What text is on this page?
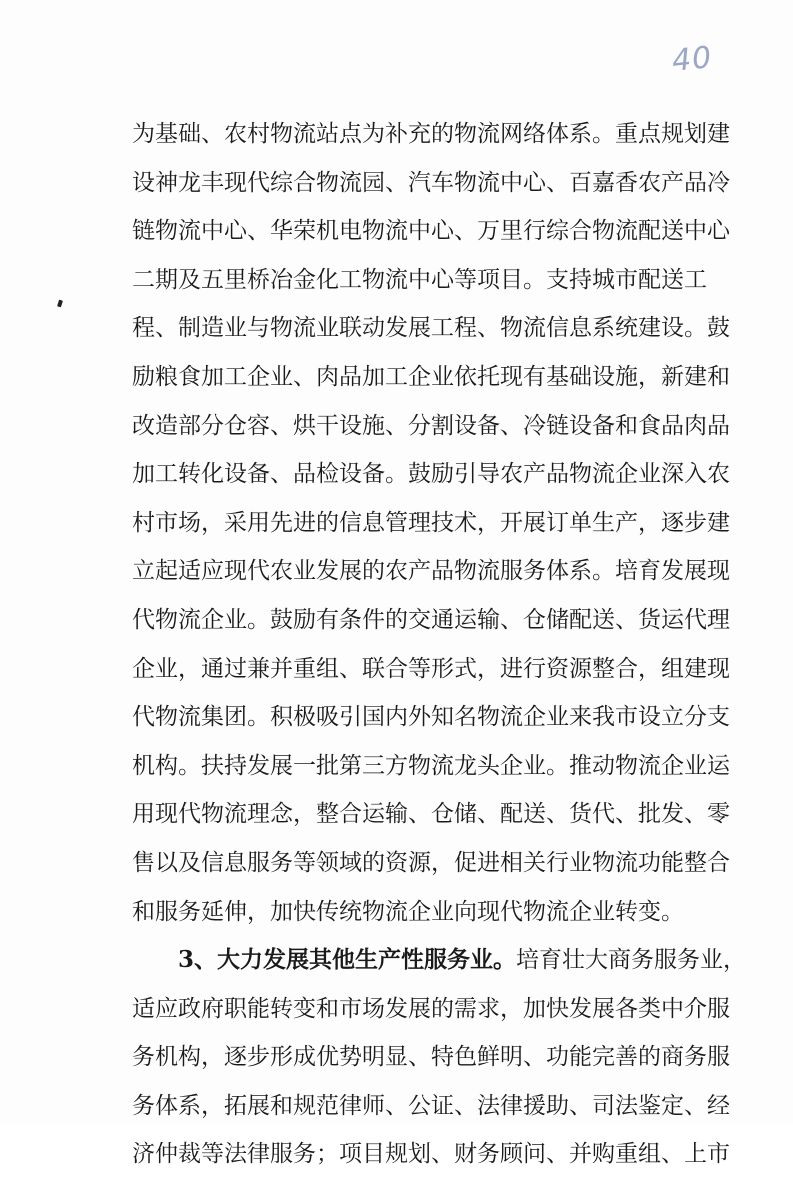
40
为基础、农村物流站点为补充的物流网络体系。重点规划建
设神龙丰现代综合物流园、汽车物流中心、百嘉香农产品冷
链物流中心、华荣机电物流中心、万里行综合物流配送中心
二期及五里桥冶金化工物流中心等项目。支持城市配送工
程、制造业与物流业联动发展工程、物流信息系统建设。鼓
励粮食加工企业、肉品加工企业依托现有基础设施，新建和
改造部分仓容、烘干设施、分割设备、冷链设备和食品肉品
加工转化设备、品检设备。鼓励引导农产品物流企业深入农
村市场，采用先进的信息管理技术，开展订单生产，逐步建
立起适应现代农业发展的农产品物流服务体系。培育发展现
代物流企业。鼓励有条件的交通运输、仓储配送、货运代理
企业，通过兼并重组、联合等形式，进行资源整合，组建现
代物流集团。积极吸引国内外知名物流企业来我市设立分支
机构。扶持发展一批第三方物流龙头企业。推动物流企业运
用现代物流理念，整合运输、仓储、配送、货代、批发、零
售以及信息服务等领域的资源，促进相关行业物流功能整合
和服务延伸，加快传统物流企业向现代物流企业转变。
3、大力发展其他生产性服务业。培育壮大商务服务业，
适应政府职能转变和市场发展的需求，加快发展各类中介服
务机构，逐步形成优势明显、特色鲜明、功能完善的商务服
务体系，拓展和规范律师、公证、法律援助、司法鉴定、经
济仲裁等法律服务；项目规划、财务顾问、并购重组、上市
